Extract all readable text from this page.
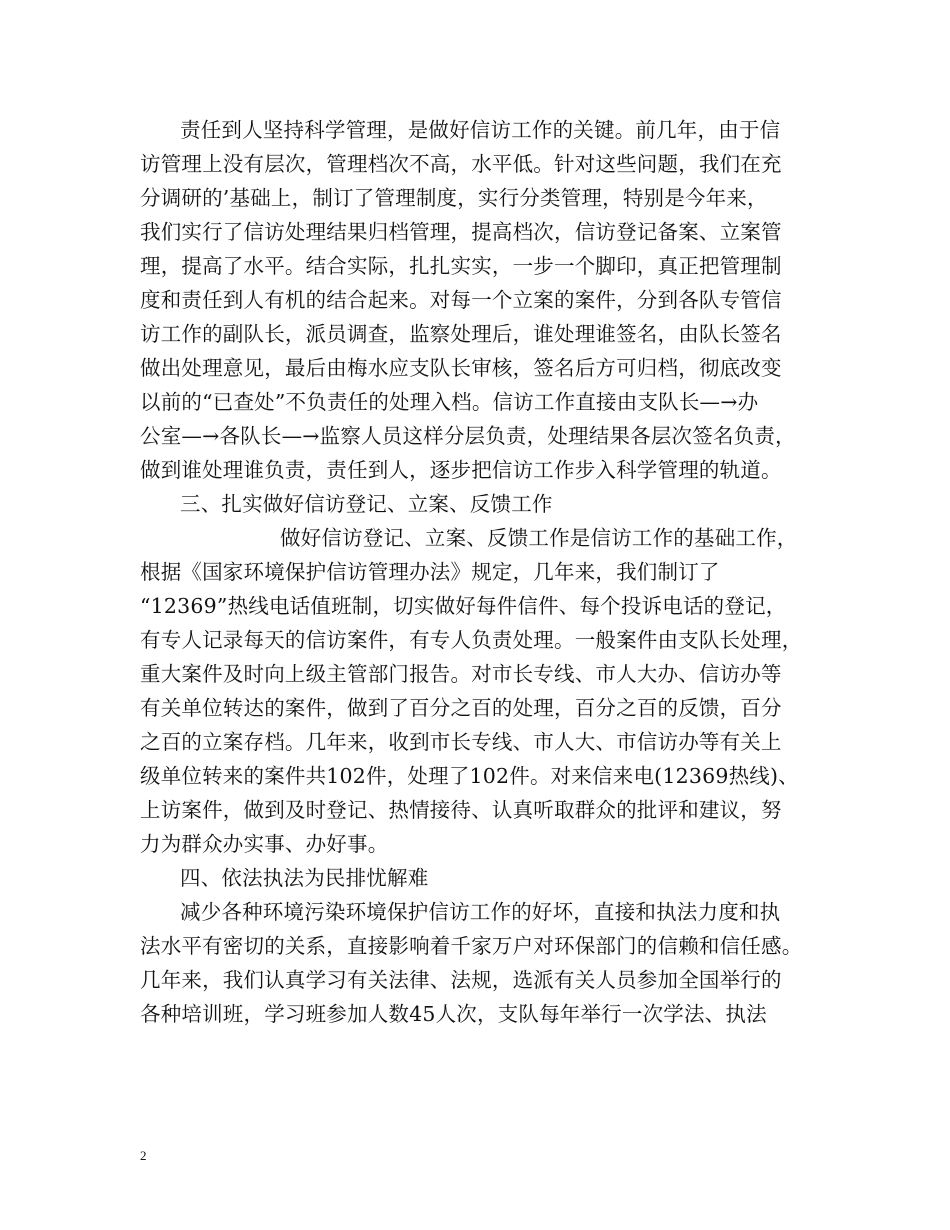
责任到人坚持科学管理，是做好信访工作的关键。前几年，由于信
访管理上没有层次，管理档次不高，水平低。针对这些问题，我们在充
分调研的’基础上，制订了管理制度，实行分类管理，特别是今年来，
我们实行了信访处理结果归档管理，提高档次，信访登记备案、立案管
理，提高了水平。结合实际，扎扎实实，一步一个脚印，真正把管理制
度和责任到人有机的结合起来。对每一个立案的案件，分到各队专管信
访工作的副队长，派员调查，监察处理后，谁处理谁签名，由队长签名
做出处理意见，最后由梅水应支队长审核，签名后方可归档，彻底改变
以前的“已查处”不负责任的处理入档。信访工作直接由支队长—→办
公室—→各队长—→监察人员这样分层负责，处理结果各层次签名负责，
做到谁处理谁负责，责任到人，逐步把信访工作步入科学管理的轨道。
三、扎实做好信访登记、立案、反馈工作
做好信访登记、立案、反馈工作是信访工作的基础工作，
根据《国家环境保护信访管理办法》规定，几年来，我们制订了
“12369”热线电话值班制，切实做好每件信件、每个投诉电话的登记，
有专人记录每天的信访案件，有专人负责处理。一般案件由支队长处理，
重大案件及时向上级主管部门报告。对市长专线、市人大办、信访办等
有关单位转达的案件，做到了百分之百的处理，百分之百的反馈，百分
之百的立案存档。几年来，收到市长专线、市人大、市信访办等有关上
级单位转来的案件共102件，处理了102件。对来信来电(12369热线)、
上访案件，做到及时登记、热情接待、认真听取群众的批评和建议，努
力为群众办实事、办好事。
四、依法执法为民排忧解难
减少各种环境污染环境保护信访工作的好坏，直接和执法力度和执
法水平有密切的关系，直接影响着千家万户对环保部门的信赖和信任感。
几年来，我们认真学习有关法律、法规，选派有关人员参加全国举行的
各种培训班，学习班参加人数45人次，支队每年举行一次学法、执法
2
